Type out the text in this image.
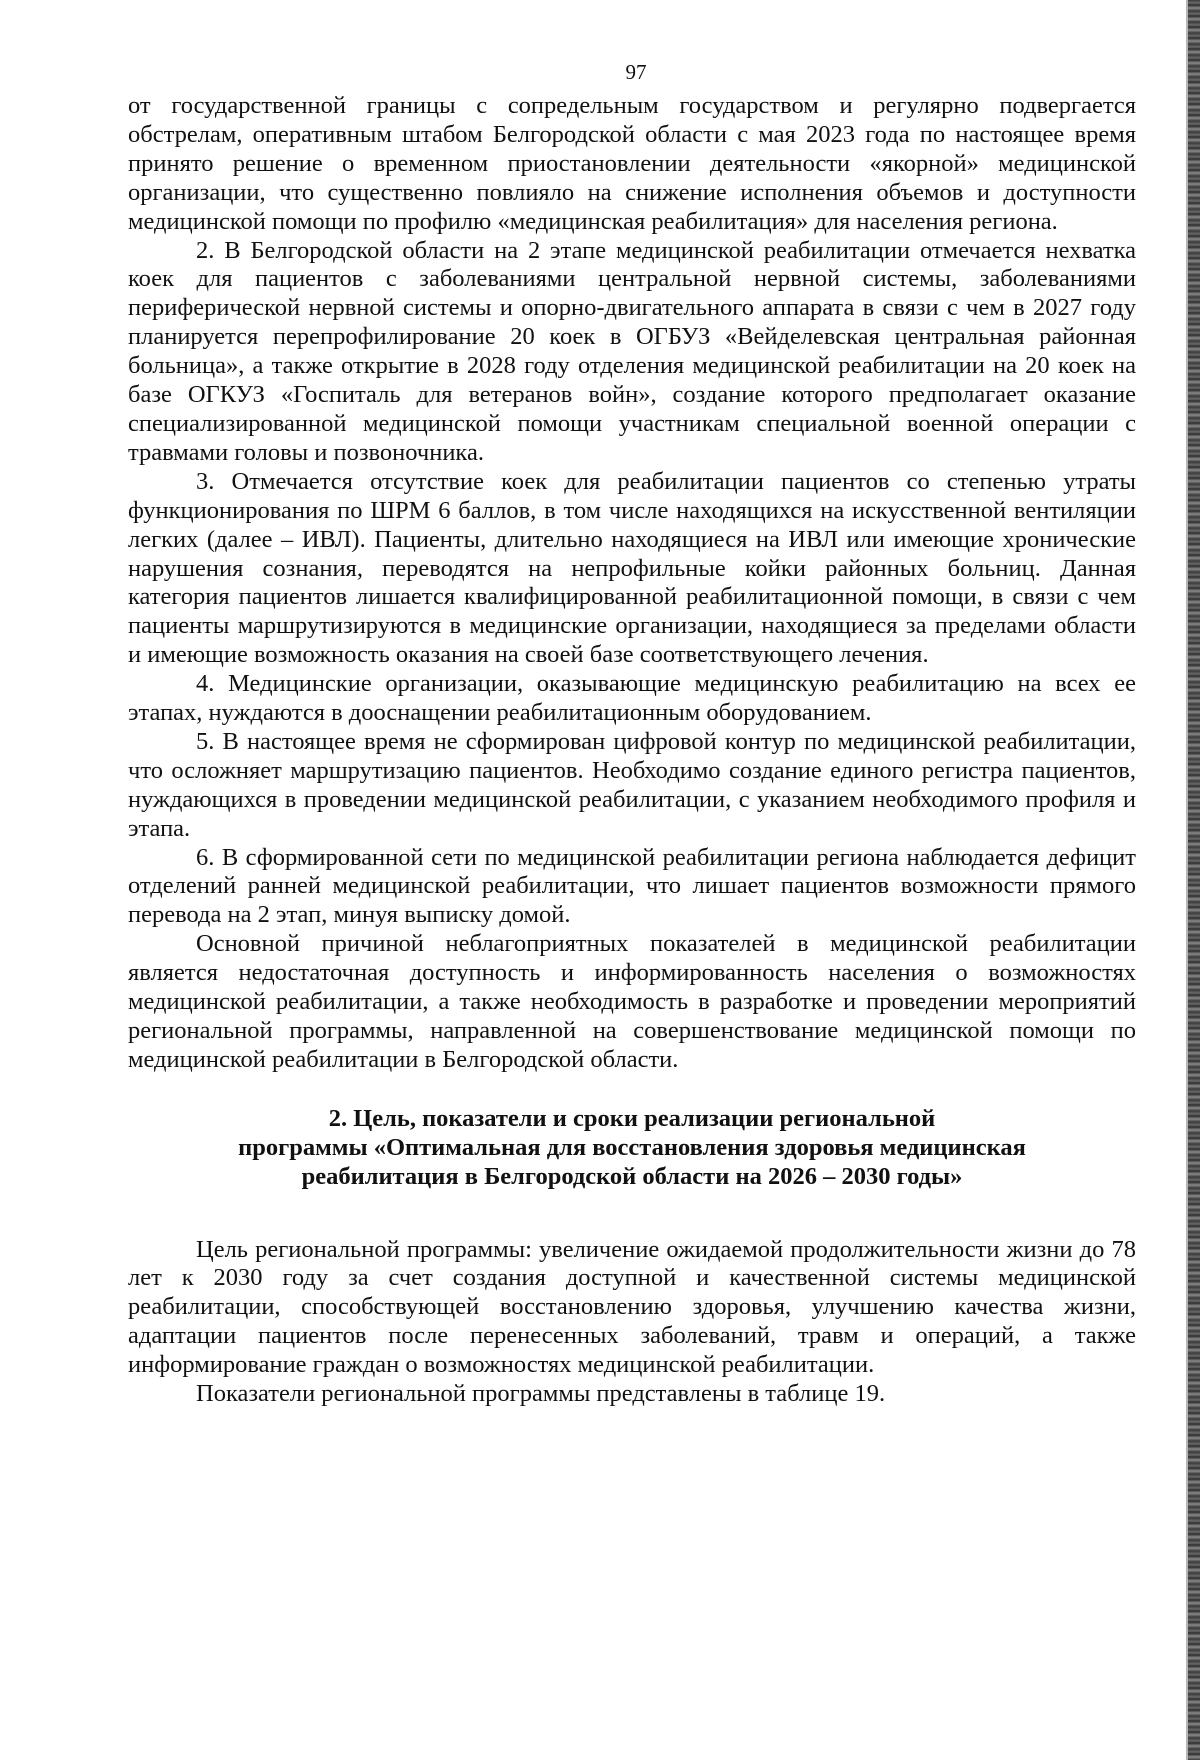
97

от государственной границы с сопредельным государством и регулярно подвергается обстрелам, оперативным штабом Белгородской области с мая 2023 года по настоящее время принято решение о временном приостановлении деятельности «якорной» медицинской организации, что существенно повлияло на снижение исполнения объемов и доступности медицинской помощи по профилю «медицинская реабилитация» для населения региона.

2. В Белгородской области на 2 этапе медицинской реабилитации отмечается нехватка коек для пациентов с заболеваниями центральной нервной системы, заболеваниями периферической нервной системы и опорно-двигательного аппарата в связи с чем в 2027 году планируется перепрофилирование 20 коек в ОГБУЗ «Вейделевская центральная районная больница», а также открытие в 2028 году отделения медицинской реабилитации на 20 коек на базе ОГКУЗ «Госпиталь для ветеранов войн», создание которого предполагает оказание специализированной медицинской помощи участникам специальной военной операции с травмами головы и позвоночника.

3. Отмечается отсутствие коек для реабилитации пациентов со степенью утраты функционирования по ШРМ 6 баллов, в том числе находящихся на искусственной вентиляции легких (далее – ИВЛ). Пациенты, длительно находящиеся на ИВЛ или имеющие хронические нарушения сознания, переводятся на непрофильные койки районных больниц. Данная категория пациентов лишается квалифицированной реабилитационной помощи, в связи с чем пациенты маршрутизируются в медицинские организации, находящиеся за пределами области и имеющие возможность оказания на своей базе соответствующего лечения.

4. Медицинские организации, оказывающие медицинскую реабилитацию на всех ее этапах, нуждаются в дооснащении реабилитационным оборудованием.

5. В настоящее время не сформирован цифровой контур по медицинской реабилитации, что осложняет маршрутизацию пациентов. Необходимо создание единого регистра пациентов, нуждающихся в проведении медицинской реабилитации, с указанием необходимого профиля и этапа.

6. В сформированной сети по медицинской реабилитации региона наблюдается дефицит отделений ранней медицинской реабилитации, что лишает пациентов возможности прямого перевода на 2 этап, минуя выписку домой.

Основной причиной неблагоприятных показателей в медицинской реабилитации является недостаточная доступность и информированность населения о возможностях медицинской реабилитации, а также необходимость в разработке и проведении мероприятий региональной программы, направленной на совершенствование медицинской помощи по медицинской реабилитации в Белгородской области.

2. Цель, показатели и сроки реализации региональной
программы «Оптимальная для восстановления здоровья медицинская
реабилитация в Белгородской области на 2026 – 2030 годы»

Цель региональной программы: увеличение ожидаемой продолжительности жизни до 78 лет к 2030 году за счет создания доступной и качественной системы медицинской реабилитации, способствующей восстановлению здоровья, улучшению качества жизни, адаптации пациентов после перенесенных заболеваний, травм и операций, а также информирование граждан о возможностях медицинской реабилитации.

Показатели региональной программы представлены в таблице 19.
